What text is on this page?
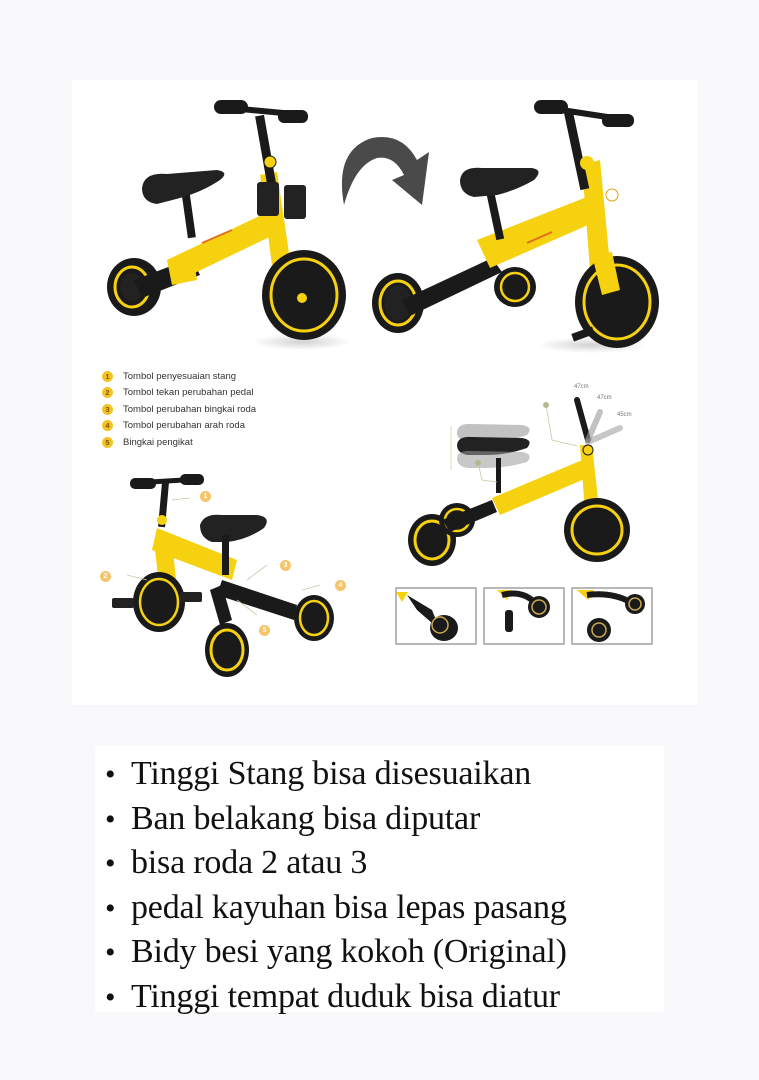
1	Tombol penyesuaian stang
2	Tombol tekan perubahan pedal
3	Tombol perubahan bingkai roda
4	Tombol perubahan arah roda
5	Bingkai pengikat
1
2
3
4
5
47cm
47cm
45cm
• Tinggi Stang bisa disesuaikan
• Ban belakang bisa diputar
• bisa roda 2 atau 3
• pedal kayuhan bisa lepas pasang
• Bidy besi yang kokoh (Original)
• Tinggi tempat duduk bisa diatur
